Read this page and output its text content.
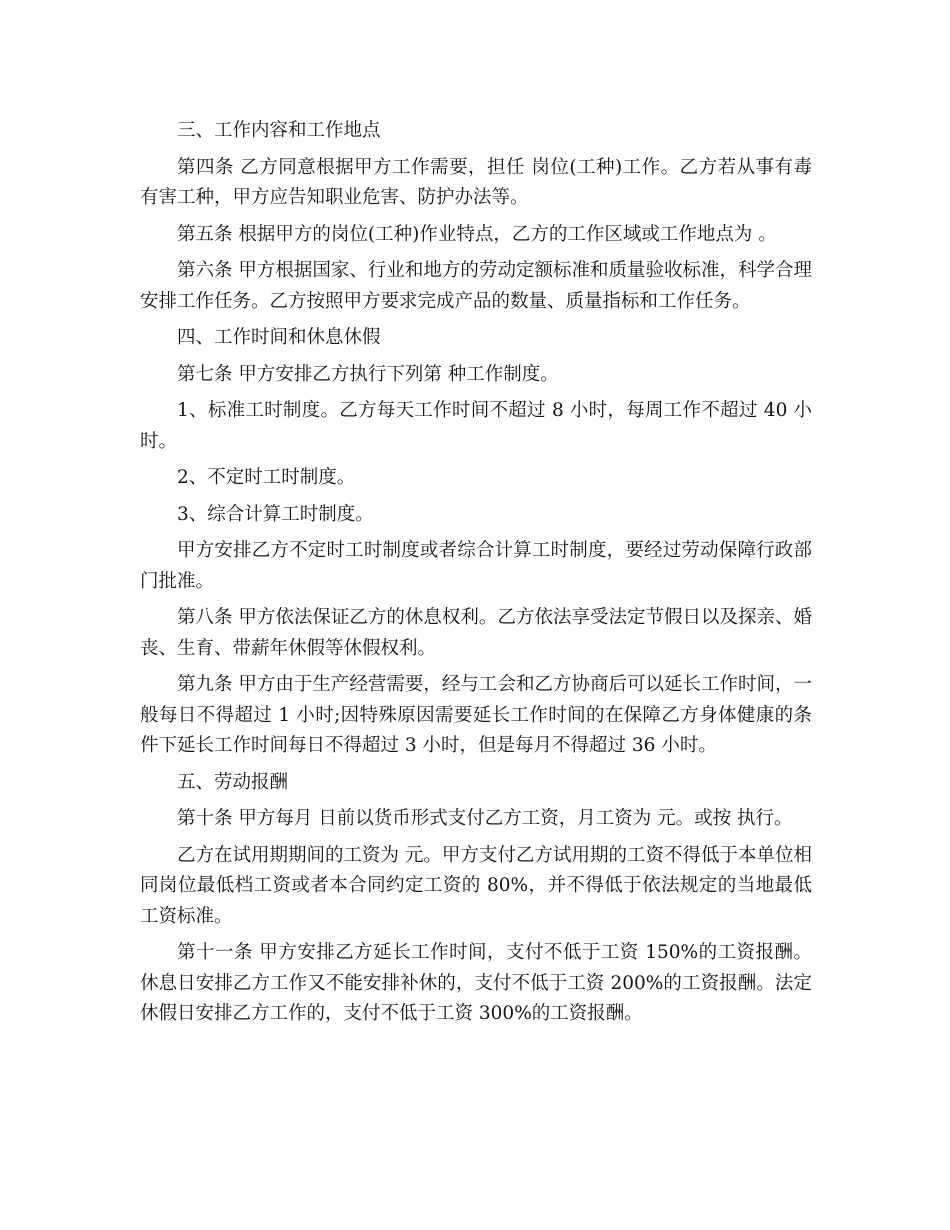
三、工作内容和工作地点

第四条 乙方同意根据甲方工作需要，担任 岗位(工种)工作。乙方若从事有毒有害工种，甲方应告知职业危害、防护办法等。

第五条 根据甲方的岗位(工种)作业特点，乙方的工作区域或工作地点为 。

第六条 甲方根据国家、行业和地方的劳动定额标准和质量验收标准，科学合理安排工作任务。乙方按照甲方要求完成产品的数量、质量指标和工作任务。

四、工作时间和休息休假

第七条 甲方安排乙方执行下列第 种工作制度。

1、标准工时制度。乙方每天工作时间不超过 8 小时，每周工作不超过 40 小时。

2、不定时工时制度。

3、综合计算工时制度。

甲方安排乙方不定时工时制度或者综合计算工时制度，要经过劳动保障行政部门批准。

第八条 甲方依法保证乙方的休息权利。乙方依法享受法定节假日以及探亲、婚丧、生育、带薪年休假等休假权利。

第九条 甲方由于生产经营需要，经与工会和乙方协商后可以延长工作时间，一般每日不得超过 1 小时;因特殊原因需要延长工作时间的在保障乙方身体健康的条件下延长工作时间每日不得超过 3 小时，但是每月不得超过 36 小时。

五、劳动报酬

第十条 甲方每月 日前以货币形式支付乙方工资，月工资为 元。或按 执行。

乙方在试用期期间的工资为 元。甲方支付乙方试用期的工资不得低于本单位相同岗位最低档工资或者本合同约定工资的 80%，并不得低于依法规定的当地最低工资标准。

第十一条 甲方安排乙方延长工作时间，支付不低于工资 150%的工资报酬。休息日安排乙方工作又不能安排补休的，支付不低于工资 200%的工资报酬。法定休假日安排乙方工作的，支付不低于工资 300%的工资报酬。
